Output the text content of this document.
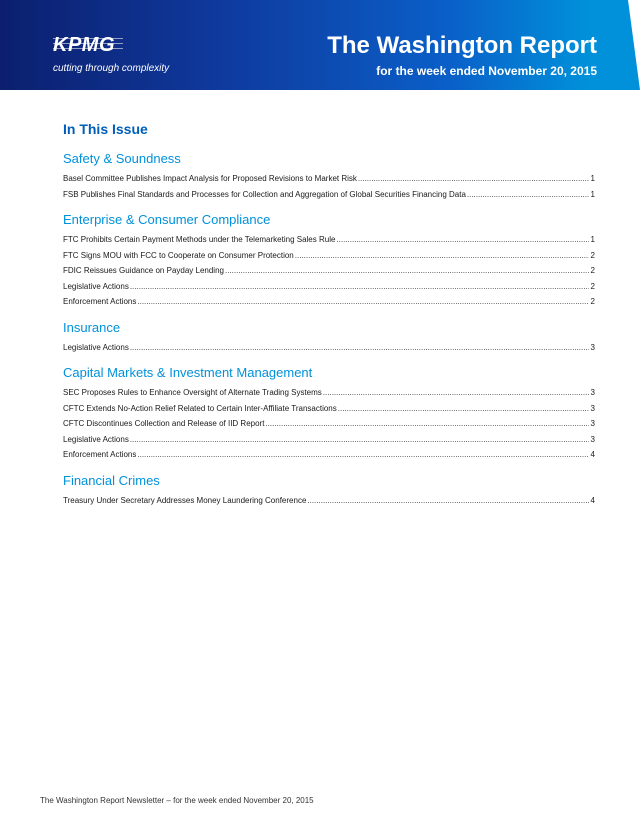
KPMG
cutting through complexity
The Washington Report
for the week ended November 20, 2015
In This Issue
Safety & Soundness
Basel Committee Publishes Impact Analysis for Proposed Revisions to Market Risk .....	1
FSB Publishes Final Standards and Processes for Collection and Aggregation of Global Securities Financing Data .....	1
Enterprise & Consumer Compliance
FTC Prohibits Certain Payment Methods under the Telemarketing Sales Rule .....	1
FTC Signs MOU with FCC to Cooperate on Consumer Protection .....	2
FDIC Reissues Guidance on Payday Lending .....	2
Legislative Actions .....	2
Enforcement Actions .....	2
Insurance
Legislative Actions .....	3
Capital Markets & Investment Management
SEC Proposes Rules to Enhance Oversight of Alternate Trading Systems .....	3
CFTC Extends No-Action Relief Related to Certain Inter-Affiliate Transactions .....	3
CFTC Discontinues Collection and Release of IID Report .....	3
Legislative Actions .....	3
Enforcement Actions .....	4
Financial Crimes
Treasury Under Secretary Addresses Money Laundering Conference .....	4
The Washington Report Newsletter – for the week ended November 20, 2015
